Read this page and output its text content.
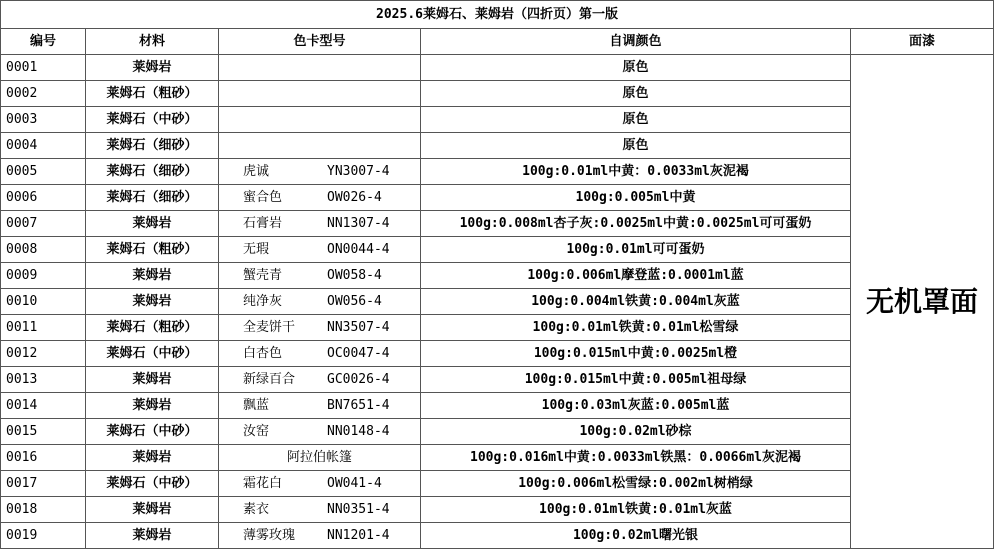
2025.6莱姆石、莱姆岩（四折页）第一版				
编号	材料	色卡型号	自调颜色	面漆
0001	莱姆岩		原色	无机罩面
0002	莱姆石（粗砂）		原色	
0003	莱姆石（中砂）		原色	
0004	莱姆石（细砂）		原色	
0005	莱姆石（细砂）	虎诚 YN3007-4	100g:0.01ml中黄：0.0033ml灰泥褐	
0006	莱姆石（细砂）	蜜合色 OW026-4	100g:0.005ml中黄	
0007	莱姆岩	石膏岩 NN1307-4	100g:0.008ml杏子灰:0.0025ml中黄:0.0025ml可可蛋奶	
0008	莱姆石（粗砂）	无瑕 ON0044-4	100g:0.01ml可可蛋奶	
0009	莱姆岩	蟹壳青 OW058-4	100g:0.006ml摩登蓝:0.0001ml蓝	
0010	莱姆岩	纯净灰 OW056-4	100g:0.004ml铁黄:0.004ml灰蓝	
0011	莱姆石（粗砂）	全麦饼干 NN3507-4	100g:0.01ml铁黄:0.01ml松雪绿	
0012	莱姆石（中砂）	白杏色 OC0047-4	100g:0.015ml中黄:0.0025ml橙	
0013	莱姆岩	新绿百合 GC0026-4	100g:0.015ml中黄:0.005ml祖母绿	
0014	莱姆岩	飘蓝 BN7651-4	100g:0.03ml灰蓝:0.005ml蓝	
0015	莱姆石（中砂）	汝窑 NN0148-4	100g:0.02ml砂棕	
0016	莱姆岩	阿拉伯帐篷	100g:0.016ml中黄:0.0033ml铁黑：0.0066ml灰泥褐	
0017	莱姆石（中砂）	霜花白 OW041-4	100g:0.006ml松雪绿:0.002ml树梢绿	
0018	莱姆岩	素衣 NN0351-4	100g:0.01ml铁黄:0.01ml灰蓝	
0019	莱姆岩	薄雾玫瑰 NN1201-4	100g:0.02ml曙光银	
